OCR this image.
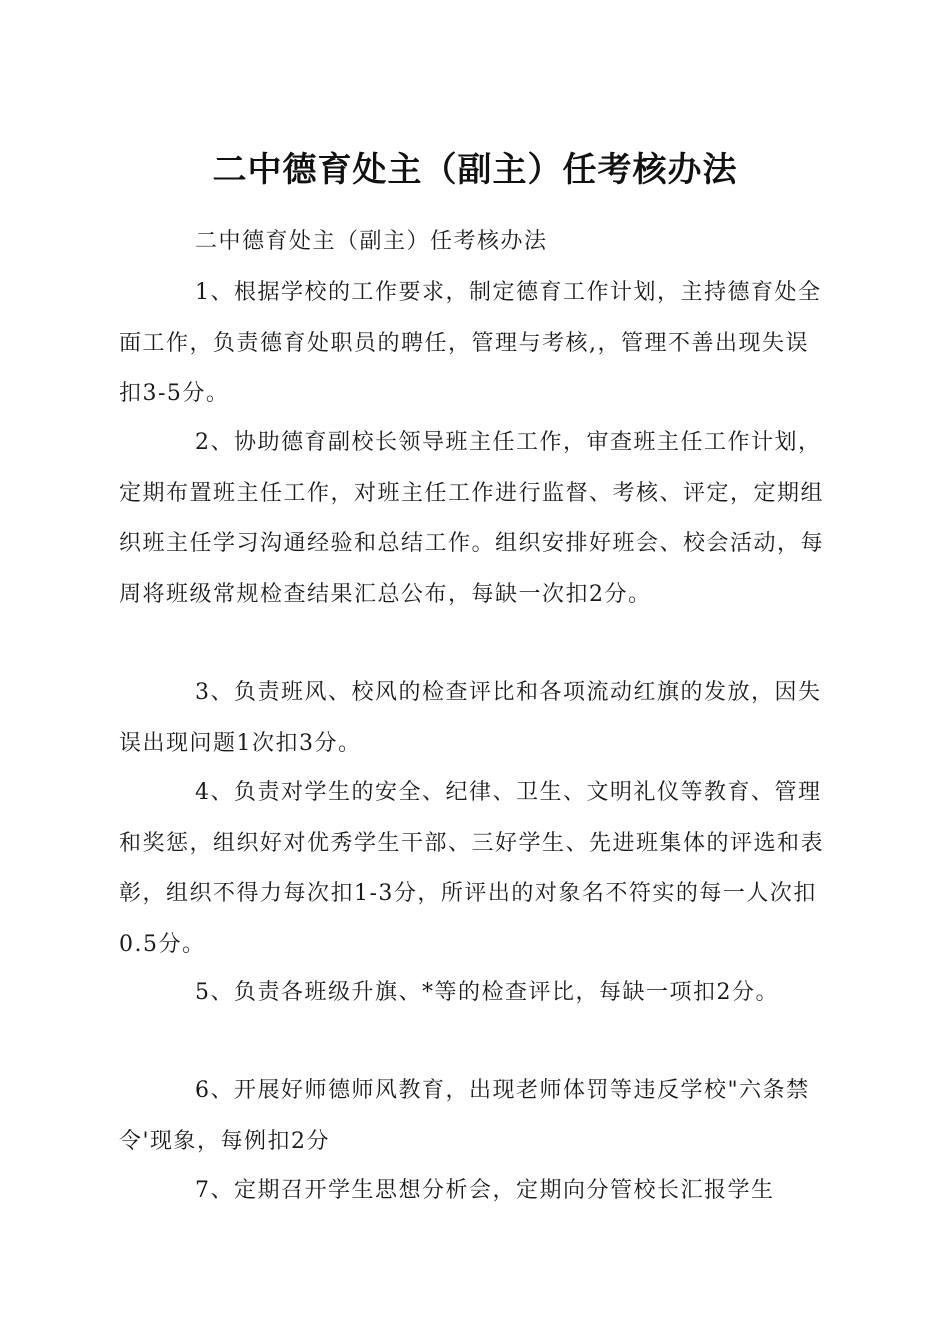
二中德育处主（副主）任考核办法

二中德育处主（副主）任考核办法

1、根据学校的工作要求，制定德育工作计划，主持德育处全面工作，负责德育处职员的聘任，管理与考核,，管理不善出现失误扣3-5分。

2、协助德育副校长领导班主任工作，审查班主任工作计划，定期布置班主任工作，对班主任工作进行监督、考核、评定，定期组织班主任学习沟通经验和总结工作。组织安排好班会、校会活动，每周将班级常规检查结果汇总公布，每缺一次扣2分。

3、负责班风、校风的检查评比和各项流动红旗的发放，因失误出现问题1次扣3分。

4、负责对学生的安全、纪律、卫生、文明礼仪等教育、管理和奖惩，组织好对优秀学生干部、三好学生、先进班集体的评选和表彰，组织不得力每次扣1-3分，所评出的对象名不符实的每一人次扣0.5分。

5、负责各班级升旗、*等的检查评比，每缺一项扣2分。

6、开展好师德师风教育，出现老师体罚等违反学校"六条禁令'现象，每例扣2分

7、定期召开学生思想分析会，定期向分管校长汇报学生
